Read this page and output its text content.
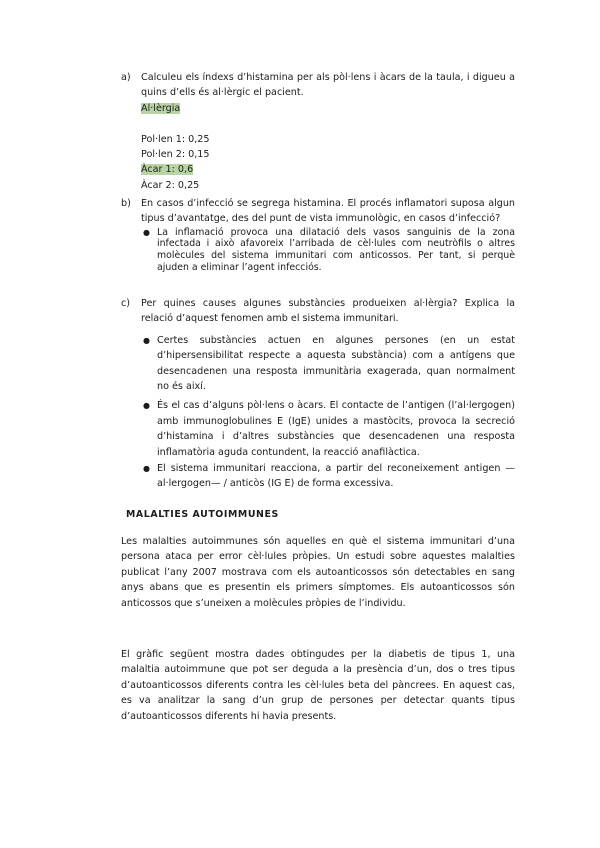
a) Calculeu els índexs d’histamina per als pòl·lens i àcars de la taula, i digueu a quins d’ells és al·lèrgic el pacient.
Al·lèrgia
Pol·len 1: 0,25
Pol·len 2: 0,15
Àcar 1: 0,6
Àcar 2: 0,25
b) En casos d’infecció se segrega histamina. El procés inflamatori suposa algun tipus d’avantatge, des del punt de vista immunològic, en casos d’infecció?
● La inflamació provoca una dilatació dels vasos sanguinis de la zona infectada i això afavoreix l’arribada de cèl·lules com neutròfils o altres molècules del sistema immunitari com anticossos. Per tant, si perquè ajuden a eliminar l’agent infecciós.
c) Per quines causes algunes substàncies produeixen al·lèrgia? Explica la relació d’aquest fenomen amb el sistema immunitari.
● Certes substàncies actuen en algunes persones (en un estat d’hipersensibilitat respecte a aquesta substància) com a antígens que desencadenen una resposta immunitària exagerada, quan normalment no és així.
● És el cas d’alguns pòl·lens o àcars. El contacte de l’antigen (l’al·lergogen) amb immunoglobulines E (IgE) unides a mastòcits, provoca la secreció d’histamina i d’altres substàncies que desencadenen una resposta inflamatòria aguda contundent, la reacció anafilàctica.
● El sistema immunitari reacciona, a partir del reconeixement antigen —al·lergogen— / anticòs (IG E) de forma excessiva.
MALALTIES AUTOIMMUNES
Les malalties autoimmunes són aquelles en què el sistema immunitari d’una persona ataca per error cèl·lules pròpies. Un estudi sobre aquestes malalties publicat l’any 2007 mostrava com els autoanticossos són detectables en sang anys abans que es presentin els primers símptomes. Els autoanticossos són anticossos que s’uneixen a molècules pròpies de l’individu.
El gràfic següent mostra dades obtingudes per la diabetis de tipus 1, una malaltia autoimmune que pot ser deguda a la presència d’un, dos o tres tipus d’autoanticossos diferents contra les cèl·lules beta del pàncrees. En aquest cas, es va analitzar la sang d’un grup de persones per detectar quants tipus d’autoanticossos diferents hi havia presents.
